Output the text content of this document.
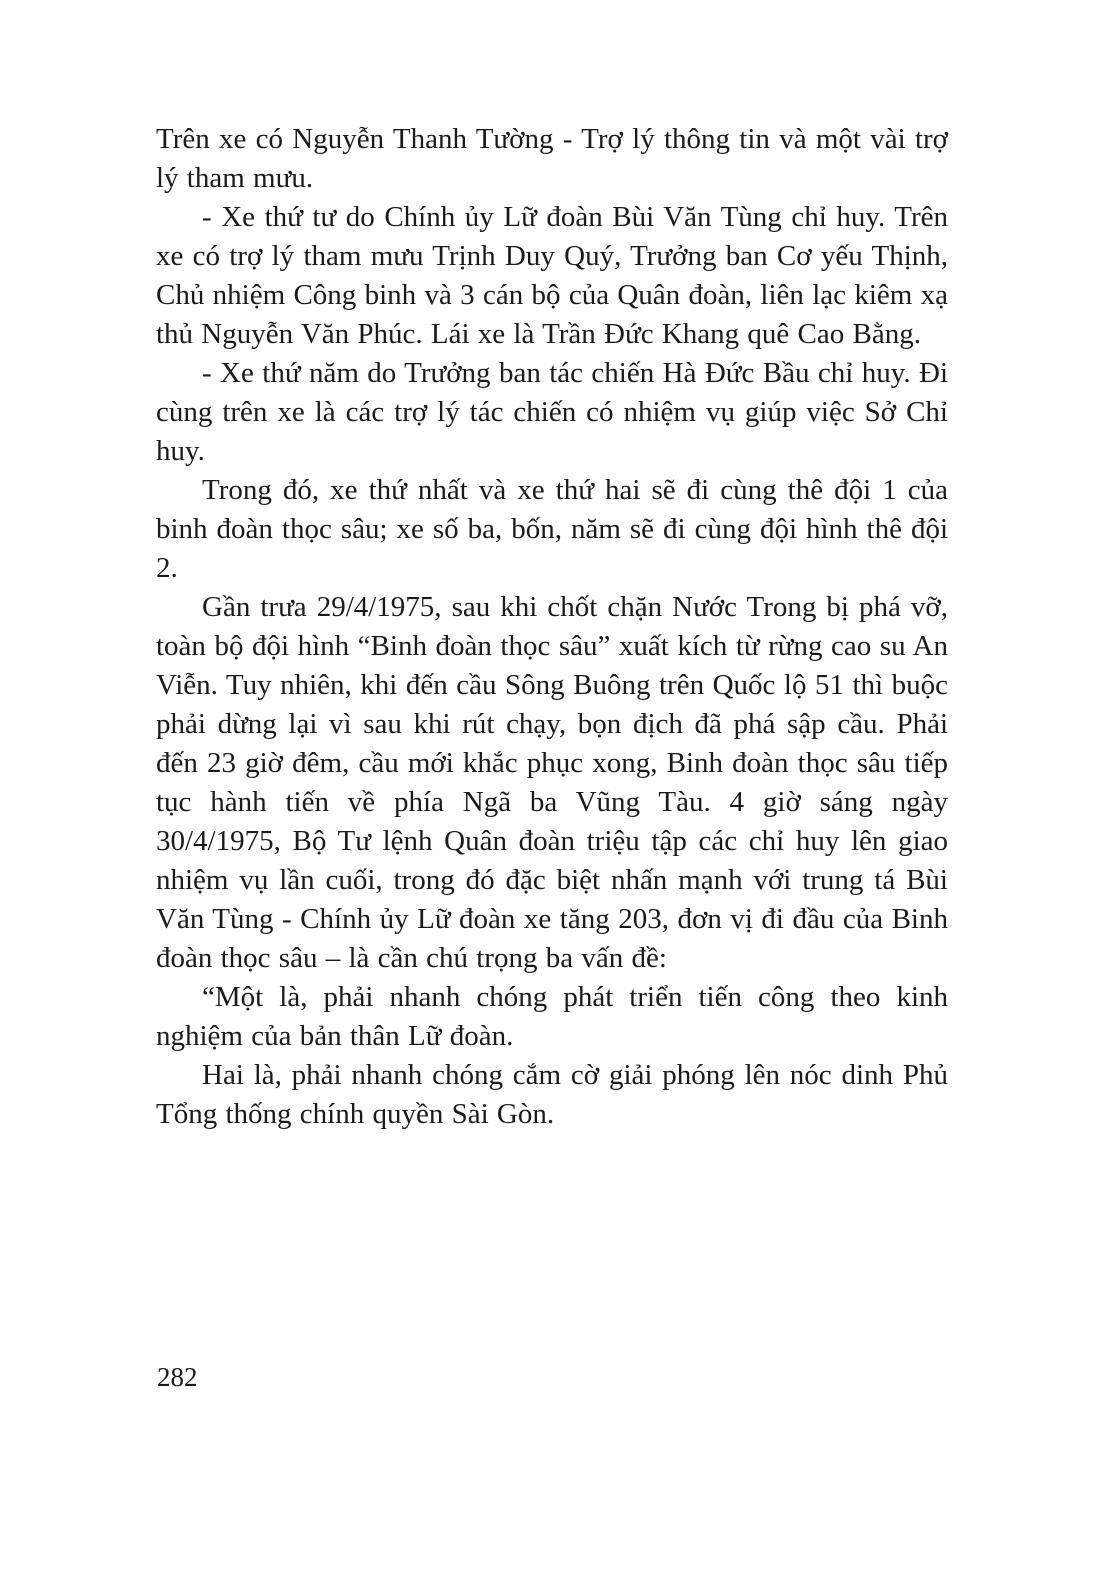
Trên xe có Nguyễn Thanh Tường - Trợ lý thông tin và một vài trợ lý tham mưu.

- Xe thứ tư do Chính ủy Lữ đoàn Bùi Văn Tùng chỉ huy. Trên xe có trợ lý tham mưu Trịnh Duy Quý, Trưởng ban Cơ yếu Thịnh, Chủ nhiệm Công binh và 3 cán bộ của Quân đoàn, liên lạc kiêm xạ thủ Nguyễn Văn Phúc. Lái xe là Trần Đức Khang quê Cao Bằng.

- Xe thứ năm do Trưởng ban tác chiến Hà Đức Bầu chỉ huy. Đi cùng trên xe là các trợ lý tác chiến có nhiệm vụ giúp việc Sở Chỉ huy.

Trong đó, xe thứ nhất và xe thứ hai sẽ đi cùng thê đội 1 của binh đoàn thọc sâu; xe số ba, bốn, năm sẽ đi cùng đội hình thê đội 2.

Gần trưa 29/4/1975, sau khi chốt chặn Nước Trong bị phá vỡ, toàn bộ đội hình “Binh đoàn thọc sâu” xuất kích từ rừng cao su An Viễn. Tuy nhiên, khi đến cầu Sông Buông trên Quốc lộ 51 thì buộc phải dừng lại vì sau khi rút chạy, bọn địch đã phá sập cầu. Phải đến 23 giờ đêm, cầu mới khắc phục xong, Binh đoàn thọc sâu tiếp tục hành tiến về phía Ngã ba Vũng Tàu. 4 giờ sáng ngày 30/4/1975, Bộ Tư lệnh Quân đoàn triệu tập các chỉ huy lên giao nhiệm vụ lần cuối, trong đó đặc biệt nhấn mạnh với trung tá Bùi Văn Tùng - Chính ủy Lữ đoàn xe tăng 203, đơn vị đi đầu của Binh đoàn thọc sâu – là cần chú trọng ba vấn đề:

“Một là, phải nhanh chóng phát triển tiến công theo kinh nghiệm của bản thân Lữ đoàn.

Hai là, phải nhanh chóng cắm cờ giải phóng lên nóc dinh Phủ Tổng thống chính quyền Sài Gòn.

282
